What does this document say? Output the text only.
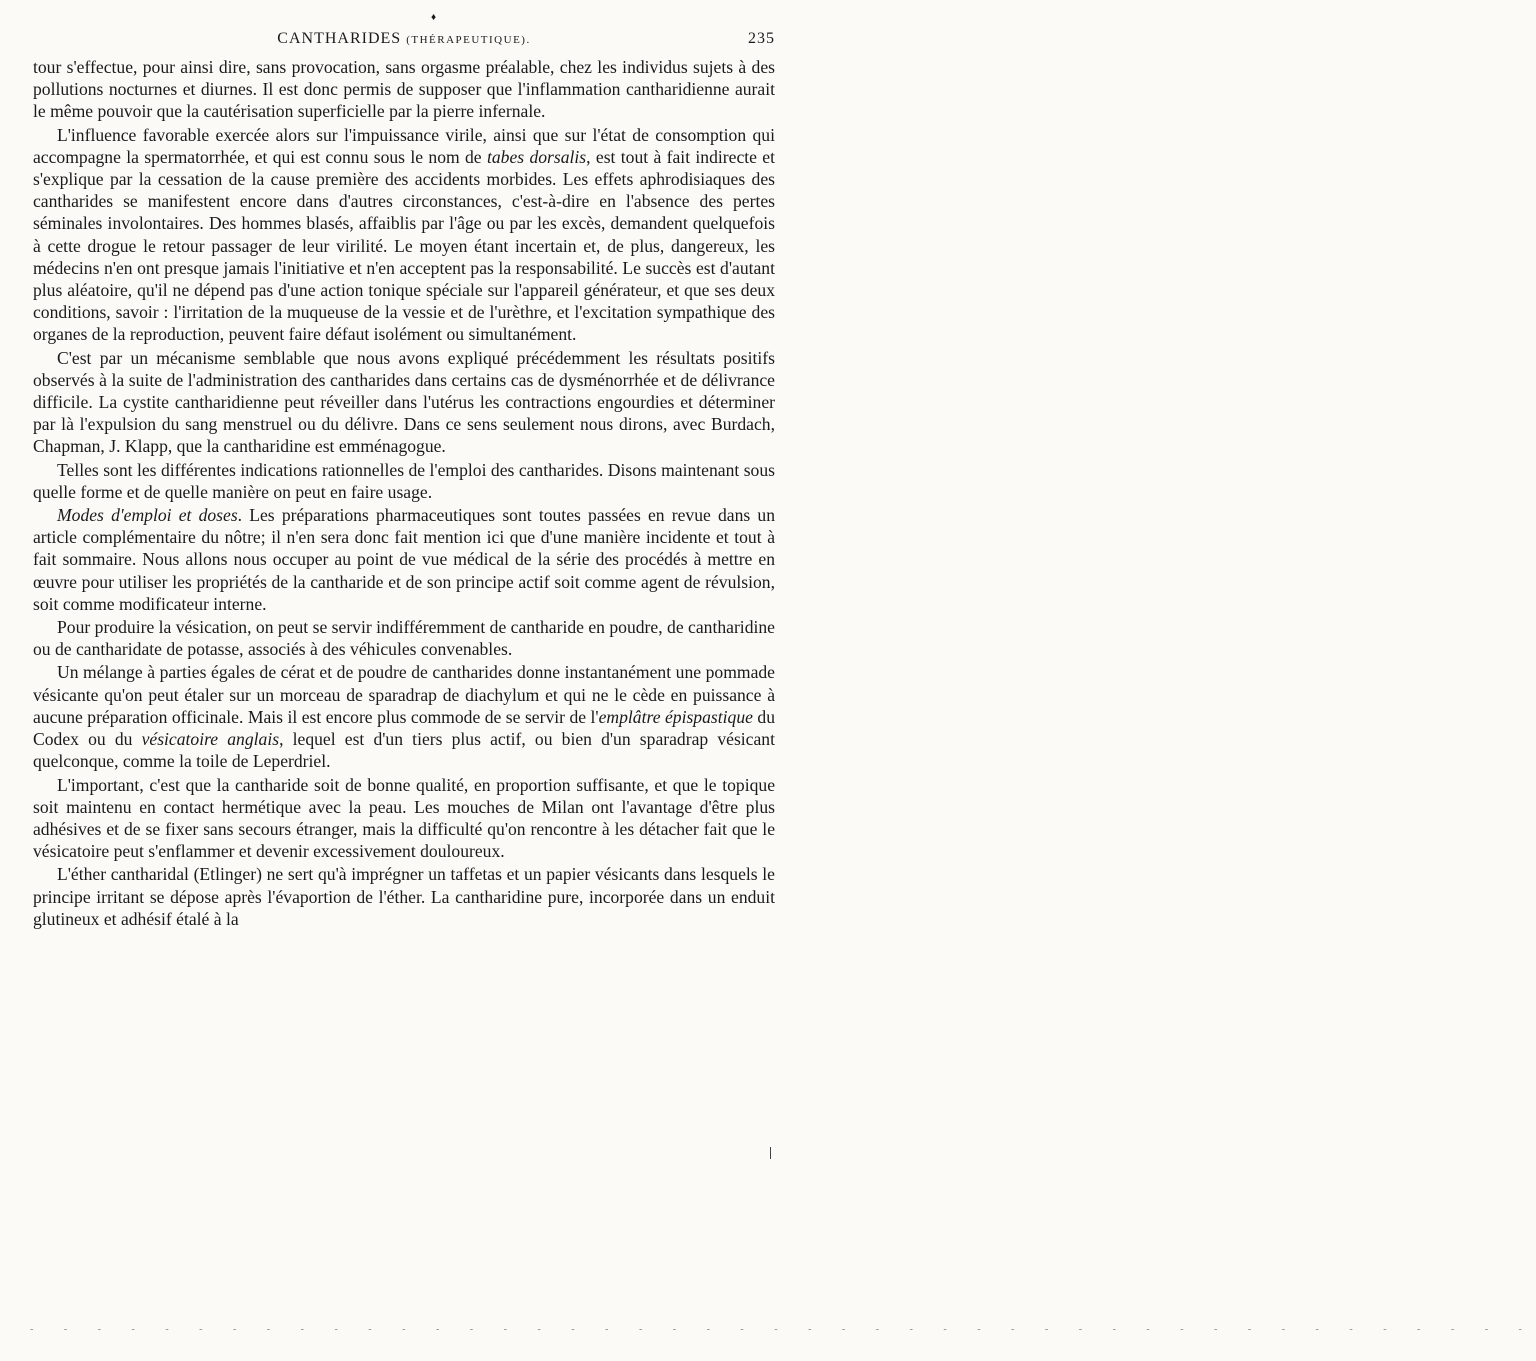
♦
CANTHARIDES (THÉRAPEUTIQUE).	235

tour s'effectue, pour ainsi dire, sans provocation, sans orgasme préalable, chez les individus sujets à des pollutions nocturnes et diurnes. Il est donc permis de supposer que l'inflammation cantharidienne aurait le même pouvoir que la cautérisation superficielle par la pierre infernale.

L'influence favorable exercée alors sur l'impuissance virile, ainsi que sur l'état de consomption qui accompagne la spermatorrhée, et qui est connu sous le nom de tabes dorsalis, est tout à fait indirecte et s'explique par la cessation de la cause première des accidents morbides. Les effets aphrodisiaques des cantharides se manifestent encore dans d'autres circonstances, c'est-à-dire en l'absence des pertes séminales involontaires. Des hommes blasés, affaiblis par l'âge ou par les excès, demandent quelquefois à cette drogue le retour passager de leur virilité. Le moyen étant incertain et, de plus, dangereux, les médecins n'en ont presque jamais l'initiative et n'en acceptent pas la responsabilité. Le succès est d'autant plus aléatoire, qu'il ne dépend pas d'une action tonique spéciale sur l'appareil générateur, et que ses deux conditions, savoir : l'irritation de la muqueuse de la vessie et de l'urèthre, et l'excitation sympathique des organes de la reproduction, peuvent faire défaut isolément ou simultanément.

C'est par un mécanisme semblable que nous avons expliqué précédemment les résultats positifs observés à la suite de l'administration des cantharides dans certains cas de dysménorrhée et de délivrance difficile. La cystite cantharidienne peut réveiller dans l'utérus les contractions engourdies et déterminer par là l'expulsion du sang menstruel ou du délivre. Dans ce sens seulement nous dirons, avec Burdach, Chapman, J. Klapp, que la cantharidine est emménagogue.

Telles sont les différentes indications rationnelles de l'emploi des cantharides. Disons maintenant sous quelle forme et de quelle manière on peut en faire usage.

Modes d'emploi et doses. Les préparations pharmaceutiques sont toutes passées en revue dans un article complémentaire du nôtre; il n'en sera donc fait mention ici que d'une manière incidente et tout à fait sommaire. Nous allons nous occuper au point de vue médical de la série des procédés à mettre en œuvre pour utiliser les propriétés de la cantharide et de son principe actif soit comme agent de révulsion, soit comme modificateur interne.

Pour produire la vésication, on peut se servir indifféremment de cantharide en poudre, de cantharidine ou de cantharidate de potasse, associés à des véhicules convenables.

Un mélange à parties égales de cérat et de poudre de cantharides donne instantanément une pommade vésicante qu'on peut étaler sur un morceau de sparadrap de diachylum et qui ne le cède en puissance à aucune préparation officinale. Mais il est encore plus commode de se servir de l'emplâtre épispastique du Codex ou du vésicatoire anglais, lequel est d'un tiers plus actif, ou bien d'un sparadrap vésicant quelconque, comme la toile de Leperdriel.

L'important, c'est que la cantharide soit de bonne qualité, en proportion suffisante, et que le topique soit maintenu en contact hermétique avec la peau. Les mouches de Milan ont l'avantage d'être plus adhésives et de se fixer sans secours étranger, mais la difficulté qu'on rencontre à les détacher fait que le vésicatoire peut s'enflammer et devenir excessivement douloureux.

L'éther cantharidal (Etlinger) ne sert qu'à imprégner un taffetas et un papier vésicants dans lesquels le principe irritant se dépose après l'évaportion de l'éther. La cantharidine pure, incorporée dans un enduit glutineux et adhésif étalé à la

- - - - - - - - - - - - - - - - - - - - - - - - - - - - - - - - - - - - - - - - - - - - -
